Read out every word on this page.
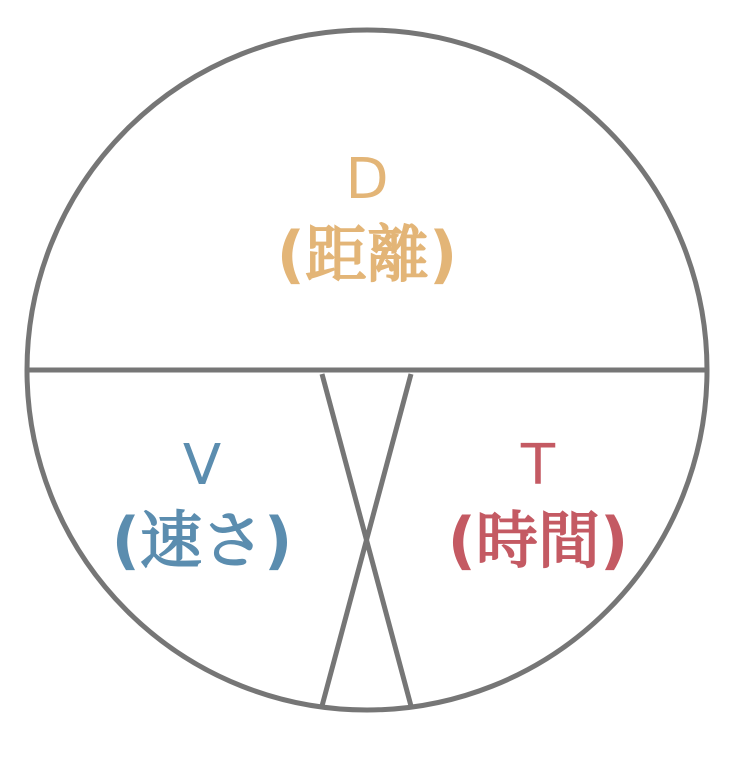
D
(距離)
V
(速さ)
T
(時間)
